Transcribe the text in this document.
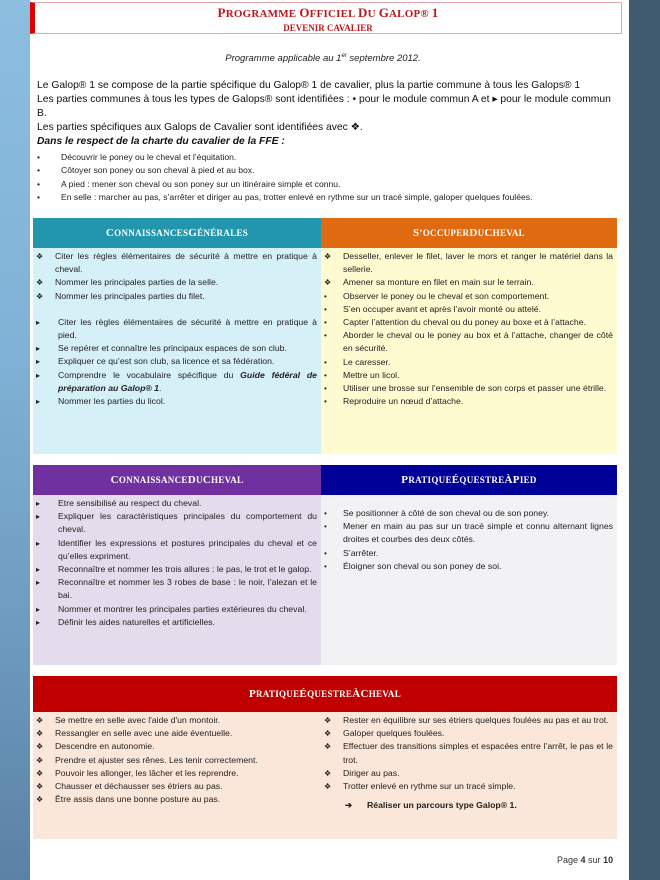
PROGRAMME OFFICIEL DU GALOP® 1
DEVENIR CAVALIER
Programme applicable au 1er septembre 2012.

Le Galop® 1 se compose de la partie spécifique du Galop® 1 de cavalier, plus la partie commune à tous les Galops® 1

Les parties communes à tous les types de Galops® sont identifiées : • pour le module commun A et ▸ pour le module commun B.

Les parties spécifiques aux Galops de Cavalier sont identifiées avec ❖.

Dans le respect de la charte du cavalier de la FFE :

•	Découvrir le poney ou le cheval et l’équitation.
•	Côtoyer son poney ou son cheval à pied et au box.
•	A pied : mener son cheval ou son poney sur un itinéraire simple et connu.
•	En selle : marcher au pas, s’arrêter et diriger au pas, trotter enlevé en rythme sur un tracé simple, galoper quelques foulées.
C ONNAISSANCES G ÉNÉRALES
❖	Citer les règles élémentaires de sécurité à mettre en pratique à cheval.
❖	Nommer les principales parties de la selle.
❖	Nommer les principales parties du filet.
▸	Citer les règles élémentaires de sécurité à mettre en pratique à pied.
▸	Se repérer et connaître les principaux espaces de son club.
▸	Expliquer ce qu’est son club, sa licence et sa fédération.
▸	Comprendre le vocabulaire spécifique du Guide fédéral de préparation au Galop® 1.
▸	Nommer les parties du licol.
S ’OCCUPER D U C HEVAL
❖	Desseller, enlever le filet, laver le mors et ranger le matériel dans la sellerie.
❖	Amener sa monture en filet en main sur le terrain.
•	Observer le poney ou le cheval et son comportement.
•	S’en occuper avant et après l’avoir monté ou attelé.
•	Capter l’attention du cheval ou du poney au boxe et à l’attache.
•	Aborder le cheval ou le poney au box et à l’attache, changer de côté en sécurité.
•	Le caresser.
•	Mettre un licol.
•	Utiliser une brosse sur l’ensemble de son corps et passer une étrille.
•	Reproduire un nœud d’attache.
C ONNAISSANCE D U C HEVAL
▸	Etre sensibilisé au respect du cheval.
▸	Expliquer les caractéristiques principales du comportement du cheval.
▸	Identifier les expressions et postures principales du cheval et ce qu’elles expriment.
▸	Reconnaître et nommer les trois allures : le pas, le trot et le galop.
▸	Reconnaître et nommer les 3 robes de base : le noir, l’alezan et le bai.
▸	Nommer et montrer les principales parties extérieures du cheval.
▸	Définir les aides naturelles et artificielles.
P RATIQUE É QUESTRE À P IED
•	Se positionner à côté de son cheval ou de son poney.
•	Mener en main au pas sur un tracé simple et connu alternant lignes droites et courbes des deux côtés.
•	S’arrêter.
•	Éloigner son cheval ou son poney de soi.
P RATIQUE É QUESTRE À C HEVAL
❖	Se mettre en selle avec l'aide d'un montoir.
❖	Ressangler en selle avec une aide éventuelle.
❖	Descendre en autonomie.
❖	Prendre et ajuster ses rênes. Les tenir correctement.
❖	Pouvoir les allonger, les lâcher et les reprendre.
❖	Chausser et déchausser ses étriers au pas.
❖	Être assis dans une bonne posture au pas.
❖	Rester en équilibre sur ses étriers quelques foulées au pas et au trot.
❖	Galoper quelques foulées.
❖	Effectuer des transitions simples et espacées entre l’arrêt, le pas et le trot.
❖	Diriger au pas.
❖	Trotter enlevé en rythme sur un tracé simple.
➔	Réaliser un parcours type Galop® 1.
Page 4 sur 10
